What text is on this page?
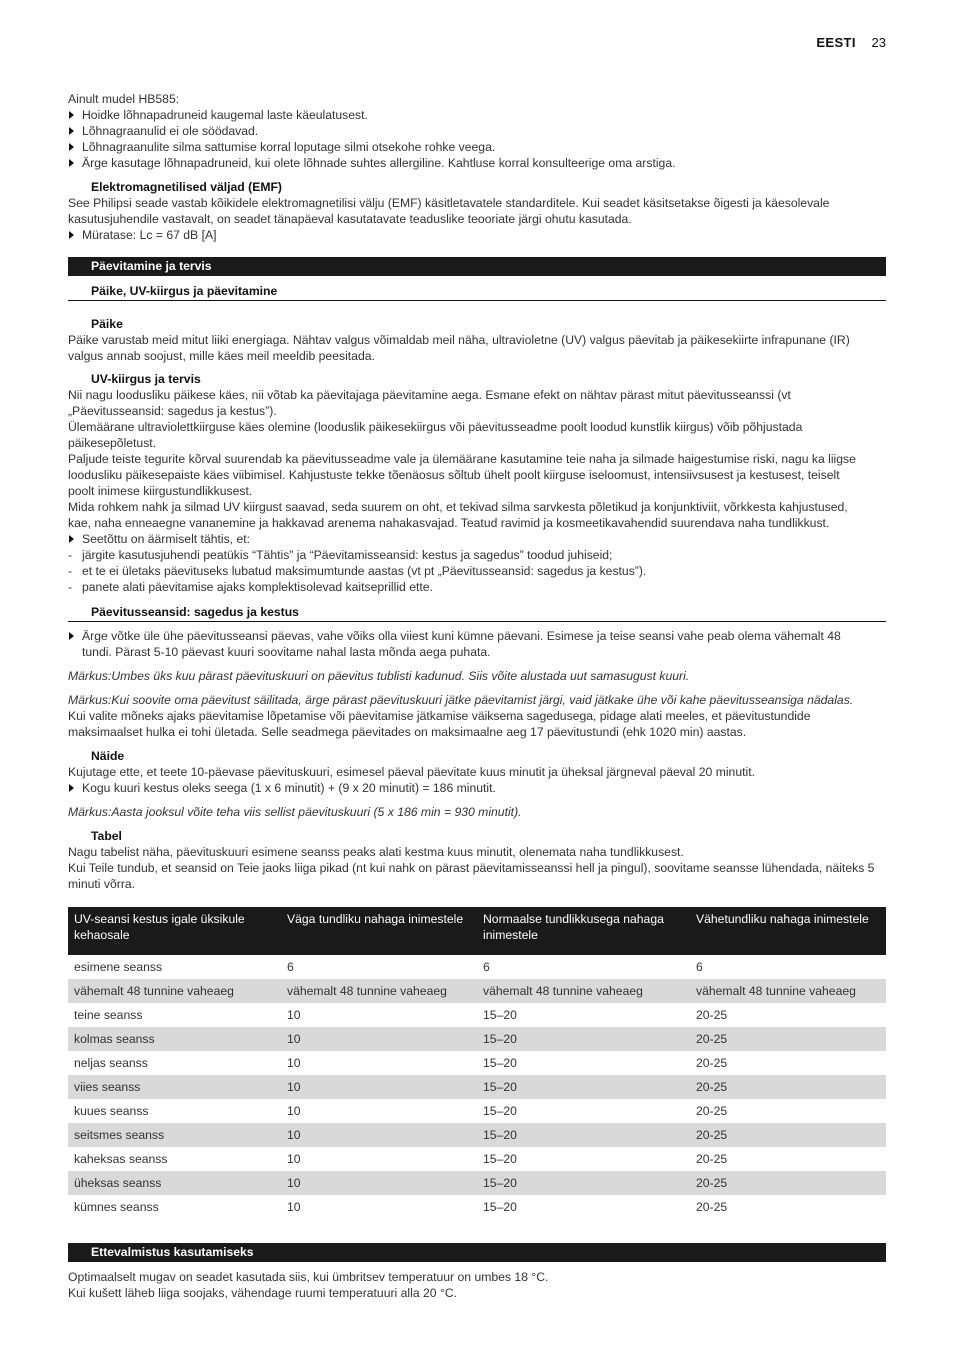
EESTI 23

Ainult mudel HB585:

Hoidke lõhnapadruneid kaugemal laste käeulatusest.
Lõhnagraanulid ei ole söödavad.
Lõhnagraanulite silma sattumise korral loputage silmi otsekohe rohke veega.
Ärge kasutage lõhnapadruneid, kui olete lõhnade suhtes allergiline. Kahtluse korral konsulteerige oma arstiga.
Elektromagnetilised väljad (EMF)

See Philipsi seade vastab kõikidele elektromagnetilisi välju (EMF) käsitletavatele standarditele. Kui seadet käsitsetakse õigesti ja käesolevale

kasutusjuhendile vastavalt, on seadet tänapäeval kasutatavate teaduslike teooriate järgi ohutu kasutada.

Müratase: Lc = 67 dB [A]
Päevitamine ja tervis
Päike, UV-kiirgus ja päevitamine
Päike

Päike varustab meid mitut liiki energiaga. Nähtav valgus võimaldab meil näha, ultravioletne (UV) valgus päevitab ja päikesekiirte infrapunane (IR)

valgus annab soojust, mille käes meil meeldib peesitada.

UV-kiirgus ja tervis

Nii nagu loodusliku päikese käes, nii võtab ka päevitajaga päevitamine aega. Esmane efekt on nähtav pärast mitut päevitusseanssi (vt

„Päevitusseansid: sagedus ja kestus”).

Ülemäärane ultraviolettkiirguse käes olemine (looduslik päikesekiirgus või päevitusseadme poolt loodud kunstlik kiirgus) võib põhjustada

päikesepõletust.

Paljude teiste tegurite kõrval suurendab ka päevitusseadme vale ja ülemäärane kasutamine teie naha ja silmade haigestumise riski, nagu ka liigse

loodusliku päikesepaiste käes viibimisel. Kahjustuste tekke tõenäosus sõltub ühelt poolt kiirguse iseloomust, intensiivsusest ja kestusest, teiselt

poolt inimese kiirgustundlikkusest.

Mida rohkem nahk ja silmad UV kiirgust saavad, seda suurem on oht, et tekivad silma sarvkesta põletikud ja konjunktiviit, võrkkesta kahjustused,

kae, naha enneaegne vananemine ja hakkavad arenema nahakasvajad. Teatud ravimid ja kosmeetikavahendid suurendava naha tundlikkust.

Seetõttu on äärmiselt tähtis, et:
- järgite kasutusjuhendi peatükis “Tähtis” ja “Päevitamisseansid: kestus ja sagedus” toodud juhiseid;
- et te ei ületaks päevituseks lubatud maksimumtunde aastas (vt pt „Päevitusseansid: sagedus ja kestus”).
- panete alati päevitamise ajaks komplektisolevad kaitseprillid ette.
Päevitusseansid: sagedus ja kestus
Ärge võtke üle ühe päevitusseansi päevas, vahe võiks olla viiest kuni kümne päevani. Esimese ja teise seansi vahe peab olema vähemalt 48
tundi. Pärast 5-10 päevast kuuri soovitame nahal lasta mõnda aega puhata.
Märkus:Umbes üks kuu pärast päevituskuuri on päevitus tublisti kadunud. Siis võite alustada uut samasugust kuuri.
Märkus:Kui soovite oma päevitust säilitada, ärge pärast päevituskuuri jätke päevitamist järgi, vaid jätkake ühe või kahe päevitusseansiga nädalas.

Kui valite mõneks ajaks päevitamise lõpetamise või päevitamise jätkamise väiksema sagedusega, pidage alati meeles, et päevitustundide

maksimaalset hulka ei tohi ületada. Selle seadmega päevitades on maksimaalne aeg 17 päevitustundi (ehk 1020 min) aastas.

Näide

Kujutage ette, et teete 10-päevase päevituskuuri, esimesel päeval päevitate kuus minutit ja üheksal järgneval päeval 20 minutit.

Kogu kuuri kestus oleks seega (1 x 6 minutit) + (9 x 20 minutit) = 186 minutit.
Märkus:Aasta jooksul võite teha viis sellist päevituskuuri (5 x 186 min = 930 minutit).
Tabel

Nagu tabelist näha, päevituskuuri esimene seanss peaks alati kestma kuus minutit, olenemata naha tundlikkusest.

Kui Teile tundub, et seansid on Teie jaoks liiga pikad (nt kui nahk on pärast päevitamisseanssi hell ja pingul), soovitame seansse lühendada, näiteks 5

minuti võrra.

UV-seansi kestus igale üksikule kehaosale	Väga tundliku nahaga inimestele	Normaalse tundlikkusega nahaga inimestele	Vähetundliku nahaga inimestele
esimene seanss	6	6	6
vähemalt 48 tunnine vaheaeg	vähemalt 48 tunnine vaheaeg	vähemalt 48 tunnine vaheaeg	vähemalt 48 tunnine vaheaeg
teine seanss	10	15–20	20-25
kolmas seanss	10	15–20	20-25
neljas seanss	10	15–20	20-25
viies seanss	10	15–20	20-25
kuues seanss	10	15–20	20-25
seitsmes seanss	10	15–20	20-25
kaheksas seanss	10	15–20	20-25
üheksas seanss	10	15–20	20-25
kümnes seanss	10	15–20	20-25
Ettevalmistus kasutamiseks

Optimaalselt mugav on seadet kasutada siis, kui ümbritsev temperatuur on umbes 18 °C.

Kui kušett läheb liiga soojaks, vähendage ruumi temperatuuri alla 20 °C.
